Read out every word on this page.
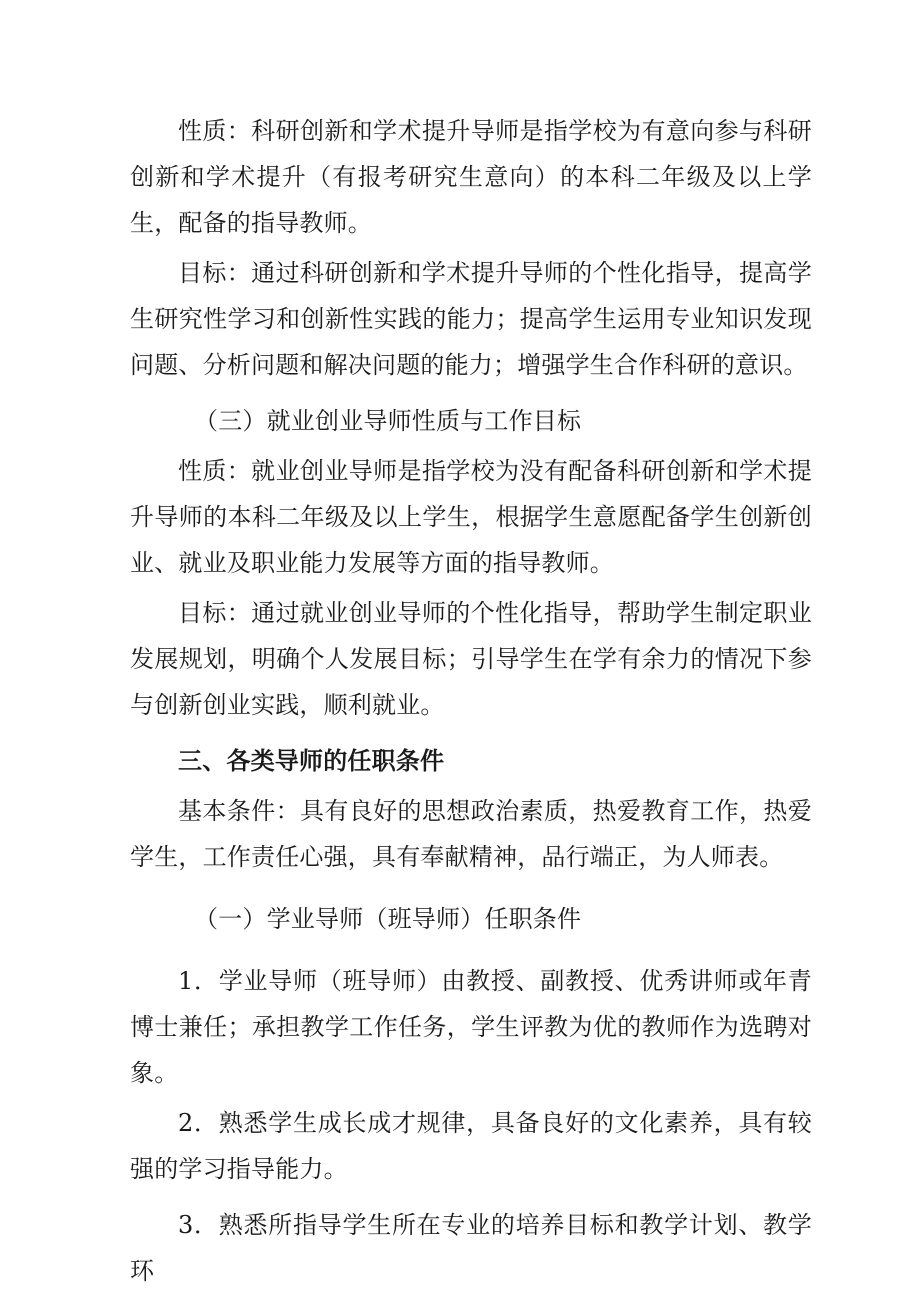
性质：科研创新和学术提升导师是指学校为有意向参与科研创新和学术提升（有报考研究生意向）的本科二年级及以上学生，配备的指导教师。

目标：通过科研创新和学术提升导师的个性化指导，提高学生研究性学习和创新性实践的能力；提高学生运用专业知识发现问题、分析问题和解决问题的能力；增强学生合作科研的意识。

（三）就业创业导师性质与工作目标

性质：就业创业导师是指学校为没有配备科研创新和学术提升导师的本科二年级及以上学生，根据学生意愿配备学生创新创业、就业及职业能力发展等方面的指导教师。

目标：通过就业创业导师的个性化指导，帮助学生制定职业发展规划，明确个人发展目标；引导学生在学有余力的情况下参与创新创业实践，顺利就业。

三、各类导师的任职条件

基本条件：具有良好的思想政治素质，热爱教育工作，热爱学生，工作责任心强，具有奉献精神，品行端正，为人师表。

（一）学业导师（班导师）任职条件

1．学业导师（班导师）由教授、副教授、优秀讲师或年青博士兼任；承担教学工作任务，学生评教为优的教师作为选聘对象。

2．熟悉学生成长成才规律，具备良好的文化素养，具有较强的学习指导能力。

3．熟悉所指导学生所在专业的培养目标和教学计划、教学环
